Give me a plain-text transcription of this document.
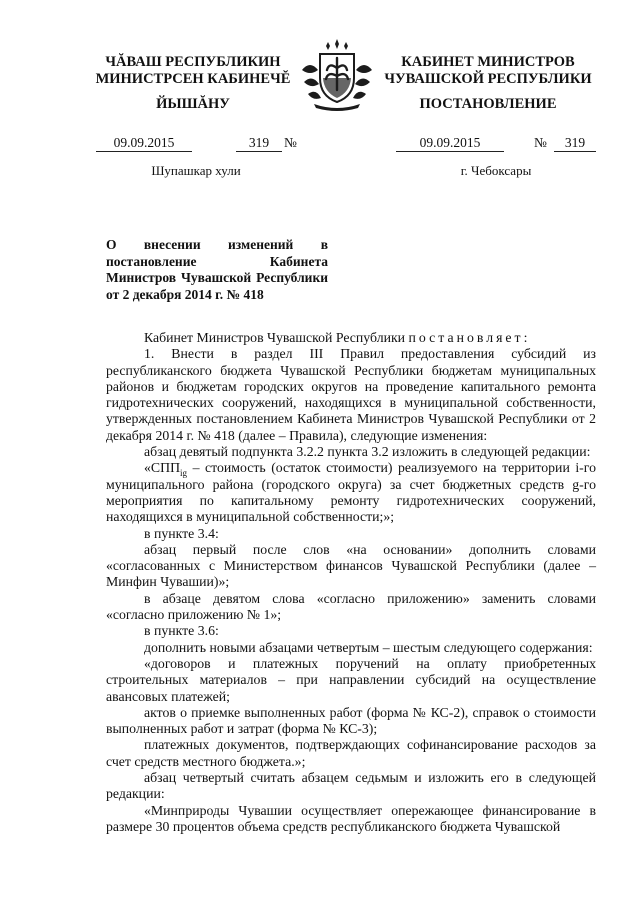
ЧĂВАШ РЕСПУБЛИКИН
МИНИСТРСЕН КАБИНЕЧĔ
ЙЫШĂНУ
КАБИНЕТ МИНИСТРОВ
ЧУВАШСКОЙ РЕСПУБЛИКИ
ПОСТАНОВЛЕНИЕ
09.09.2015	319	№	09.09.2015	№	319
Шупашкар хули	г. Чебоксары
О внесении изменений в постановление Кабинета Министров Чувашской Республики от 2 декабря 2014 г. № 418

Кабинет Министров Чувашской Республики постановляет:

1. Внести в раздел III Правил предоставления субсидий из республиканского бюджета Чувашской Республики бюджетам муниципальных районов и бюджетам городских округов на проведение капитального ремонта гидротехнических сооружений, находящихся в муниципальной собственности, утвержденных постановлением Кабинета Министров Чувашской Республики от 2 декабря 2014 г. № 418 (далее – Правила), следующие изменения:

абзац девятый подпункта 3.2.2 пункта 3.2 изложить в следующей редакции:

«$СПП_{ig}$ – стоимость (остаток стоимости) реализуемого на территории i-го муниципального района (городского округа) за счет бюджетных средств g-го мероприятия по капитальному ремонту гидротехнических сооружений, находящихся в муниципальной собственности;»;

в пункте 3.4:

абзац первый после слов «на основании» дополнить словами «согласованных с Министерством финансов Чувашской Республики (далее – Минфин Чувашии)»;

в абзаце девятом слова «согласно приложению» заменить словами «согласно приложению № 1»;

в пункте 3.6:

дополнить новыми абзацами четвертым – шестым следующего содержания:

«договоров и платежных поручений на оплату приобретенных строительных материалов – при направлении субсидий на осуществление авансовых платежей;

актов о приемке выполненных работ (форма № КС-2), справок о стоимости выполненных работ и затрат (форма № КС-3);

платежных документов, подтверждающих софинансирование расходов за счет средств местного бюджета.»;

абзац четвертый считать абзацем седьмым и изложить его в следующей редакции:

«Минприроды Чувашии осуществляет опережающее финансирование в размере 30 процентов объема средств республиканского бюджета Чувашской
